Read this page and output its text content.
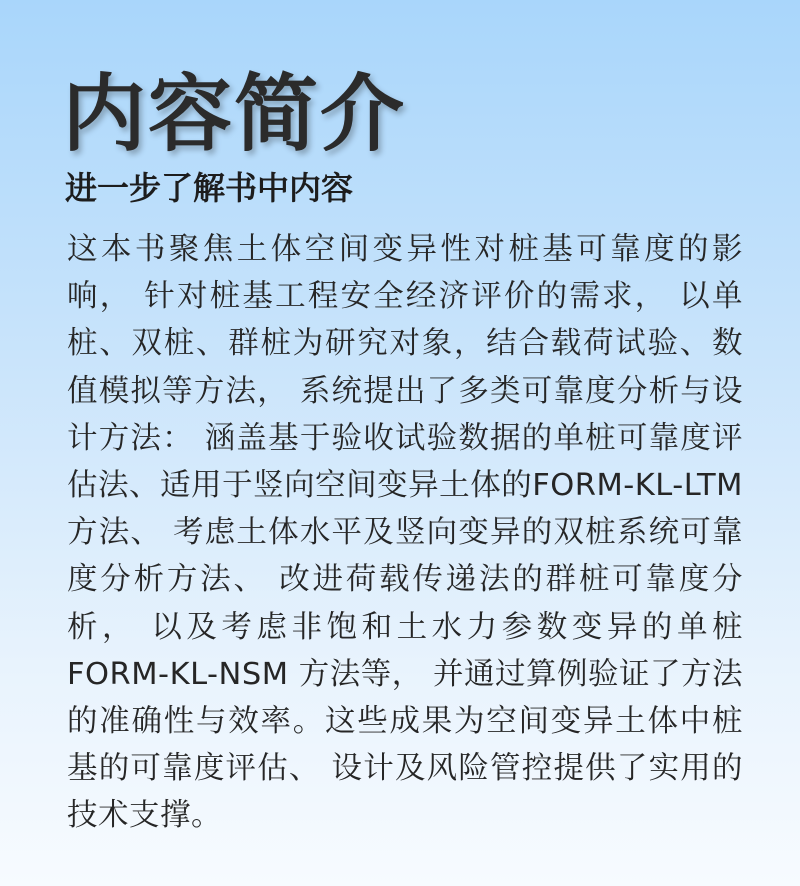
内容简介
进一步了解书中内容

这本书聚焦土体空间变异性对桩基可靠度的影响， 针对桩基工程安全经济评价的需求， 以单桩、双桩、群桩为研究对象，结合载荷试验、数值模拟等方法， 系统提出了多类可靠度分析与设计方法： 涵盖基于验收试验数据的单桩可靠度评估法、适用于竖向空间变异土体的FORM-KL-LTM 方法、 考虑土体水平及竖向变异的双桩系统可靠度分析方法、 改进荷载传递法的群桩可靠度分析， 以及考虑非饱和土水力参数变异的单桩 FORM-KL-NSM 方法等， 并通过算例验证了方法的准确性与效率。这些成果为空间变异土体中桩基的可靠度评估、 设计及风险管控提供了实用的技术支撑。
